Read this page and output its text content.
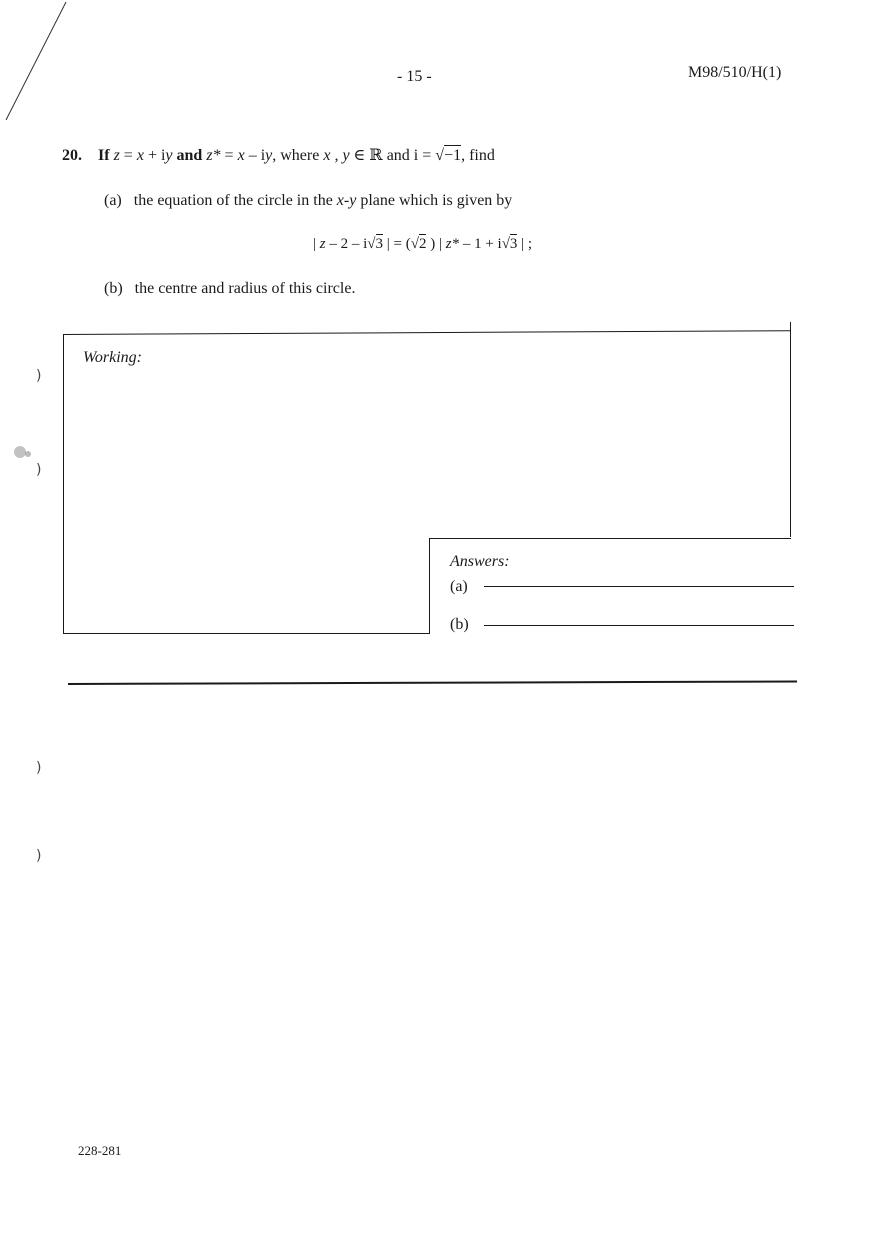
)
)
)
)
- 15 -	M98/510/H(1)
20. If z = x + iy and z* = x – iy, where x , y ∈ ℝ and i = √−1, find
(a) the equation of the circle in the x-y plane which is given by
| z – 2 – i√3 | = (√2 ) | z* – 1 + i√3 | ;
(b) the centre and radius of this circle.
Working:
Answers:
(a)
(b)
228-281
